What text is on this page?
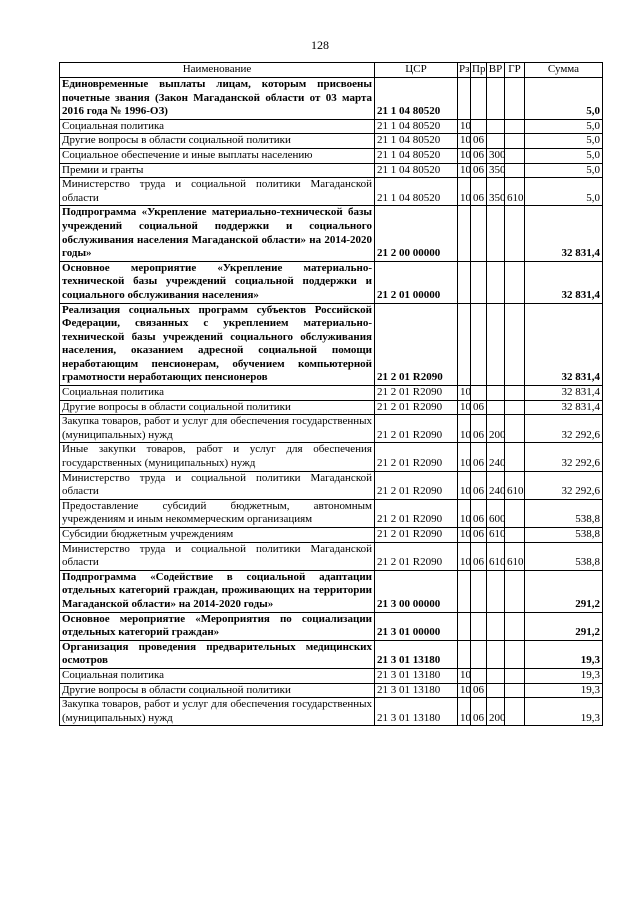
128
Наименование	ЦСР	Рз	Пр	ВР	ГР	Сумма
Единовременные выплаты лицам, которым присвоены почетные звания (Закон Магаданской области от 03 марта 2016 года № 1996-ОЗ)	21 1 04 80520					5,0
Социальная политика	21 1 04 80520	10				5,0
Другие вопросы в области социальной политики	21 1 04 80520	10	06			5,0
Социальное обеспечение и иные выплаты населению	21 1 04 80520	10	06	300		5,0
Премии и гранты	21 1 04 80520	10	06	350		5,0
Министерство труда и социальной политики Магаданской области	21 1 04 80520	10	06	350	610	5,0
Подпрограмма «Укрепление материально-технической базы учреждений социальной поддержки и социального обслуживания населения Магаданской области» на 2014-2020 годы»	21 2 00 00000					32 831,4
Основное мероприятие «Укрепление материально-технической базы учреждений социальной поддержки и социального обслуживания населения»	21 2 01 00000					32 831,4
Реализация социальных программ субъектов Российской Федерации, связанных с укреплением материально-технической базы учреждений социального обслуживания населения, оказанием адресной социальной помощи неработающим пенсионерам, обучением компьютерной грамотности неработающих пенсионеров	21 2 01 R2090					32 831,4
Социальная политика	21 2 01 R2090	10				32 831,4
Другие вопросы в области социальной политики	21 2 01 R2090	10	06			32 831,4
Закупка товаров, работ и услуг для обеспечения государственных (муниципальных) нужд	21 2 01 R2090	10	06	200		32 292,6
Иные закупки товаров, работ и услуг для обеспечения государственных (муниципальных) нужд	21 2 01 R2090	10	06	240		32 292,6
Министерство труда и социальной политики Магаданской области	21 2 01 R2090	10	06	240	610	32 292,6
Предоставление субсидий бюджетным, автономным учреждениям и иным некоммерческим организациям	21 2 01 R2090	10	06	600		538,8
Субсидии бюджетным учреждениям	21 2 01 R2090	10	06	610		538,8
Министерство труда и социальной политики Магаданской области	21 2 01 R2090	10	06	610	610	538,8
Подпрограмма «Содействие в социальной адаптации отдельных категорий граждан, проживающих на территории Магаданской области» на 2014-2020 годы»	21 3 00 00000					291,2
Основное мероприятие «Мероприятия по социализации отдельных категорий граждан»	21 3 01 00000					291,2
Организация проведения предварительных медицинских осмотров	21 3 01 13180					19,3
Социальная политика	21 3 01 13180	10				19,3
Другие вопросы в области социальной политики	21 3 01 13180	10	06			19,3
Закупка товаров, работ и услуг для обеспечения государственных (муниципальных) нужд	21 3 01 13180	10	06	200		19,3
